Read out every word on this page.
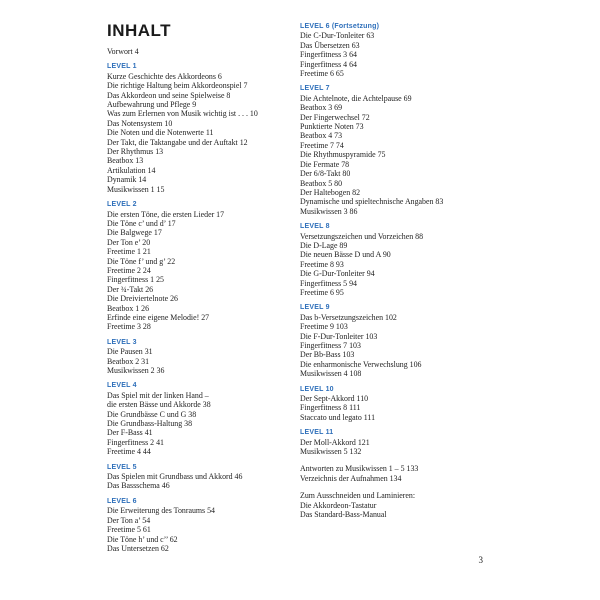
INHALT
Vorwort 4
LEVEL 1
Kurze Geschichte des Akkordeons 6
Die richtige Haltung beim Akkordeonspiel 7
Das Akkordeon und seine Spielweise 8
Aufbewahrung und Pflege 9
Was zum Erlernen von Musik wichtig ist . . . 10
Das Notensystem 10
Die Noten und die Notenwerte 11
Der Takt, die Taktangabe und der Auftakt 12
Der Rhythmus 13
Beatbox 13
Artikulation 14
Dynamik 14
Musikwissen 1 15
LEVEL 2
Die ersten Töne, die ersten Lieder 17
Die Töne c’ und d’ 17
Die Balgwege 17
Der Ton e’ 20
Freetime 1 21
Die Töne f’ und g’ 22
Freetime 2 24
Fingerfitness 1 25
Der ¾-Takt 26
Die Dreiviertelnote 26
Beatbox 1 26
Erfinde eine eigene Melodie! 27
Freetime 3 28
LEVEL 3
Die Pausen 31
Beatbox 2 31
Musikwissen 2 36
LEVEL 4
Das Spiel mit der linken Hand –
die ersten Bässe und Akkorde 38
Die Grundbässe C und G 38
Die Grundbass-Haltung 38
Der F-Bass 41
Fingerfitness 2 41
Freetime 4 44
LEVEL 5
Das Spielen mit Grundbass und Akkord 46
Das Bassschema 46
LEVEL 6
Die Erweiterung des Tonraums 54
Der Ton a’ 54
Freetime 5 61
Die Töne h’ und c’’ 62
Das Untersetzen 62
LEVEL 6 (Fortsetzung)
Die C-Dur-Tonleiter 63
Das Übersetzen 63
Fingerfitness 3 64
Fingerfitness 4 64
Freetime 6 65
LEVEL 7
Die Achtelnote, die Achtelpause 69
Beatbox 3 69
Der Fingerwechsel 72
Punktierte Noten 73
Beatbox 4 73
Freetime 7 74
Die Rhythmuspyramide 75
Die Fermate 78
Der 6/8-Takt 80
Beatbox 5 80
Der Haltebogen 82
Dynamische und spieltechnische Angaben 83
Musikwissen 3 86
LEVEL 8
Versetzungszeichen und Vorzeichen 88
Die D-Lage 89
Die neuen Bässe D und A 90
Freetime 8 93
Die G-Dur-Tonleiter 94
Fingerfitness 5 94
Freetime 6 95
LEVEL 9
Das b-Versetzungszeichen 102
Freetime 9 103
Die F-Dur-Tonleiter 103
Fingerfitness 7 103
Der Bb-Bass 103
Die enharmonische Verwechslung 106
Musikwissen 4 108
LEVEL 10
Der Sept-Akkord 110
Fingerfitness 8 111
Staccato und legato 111
LEVEL 11
Der Moll-Akkord 121
Musikwissen 5 132
Antworten zu Musikwissen 1 – 5 133
Verzeichnis der Aufnahmen 134
Zum Ausschneiden und Laminieren:
Die Akkordeon-Tastatur
Das Standard-Bass-Manual
3
